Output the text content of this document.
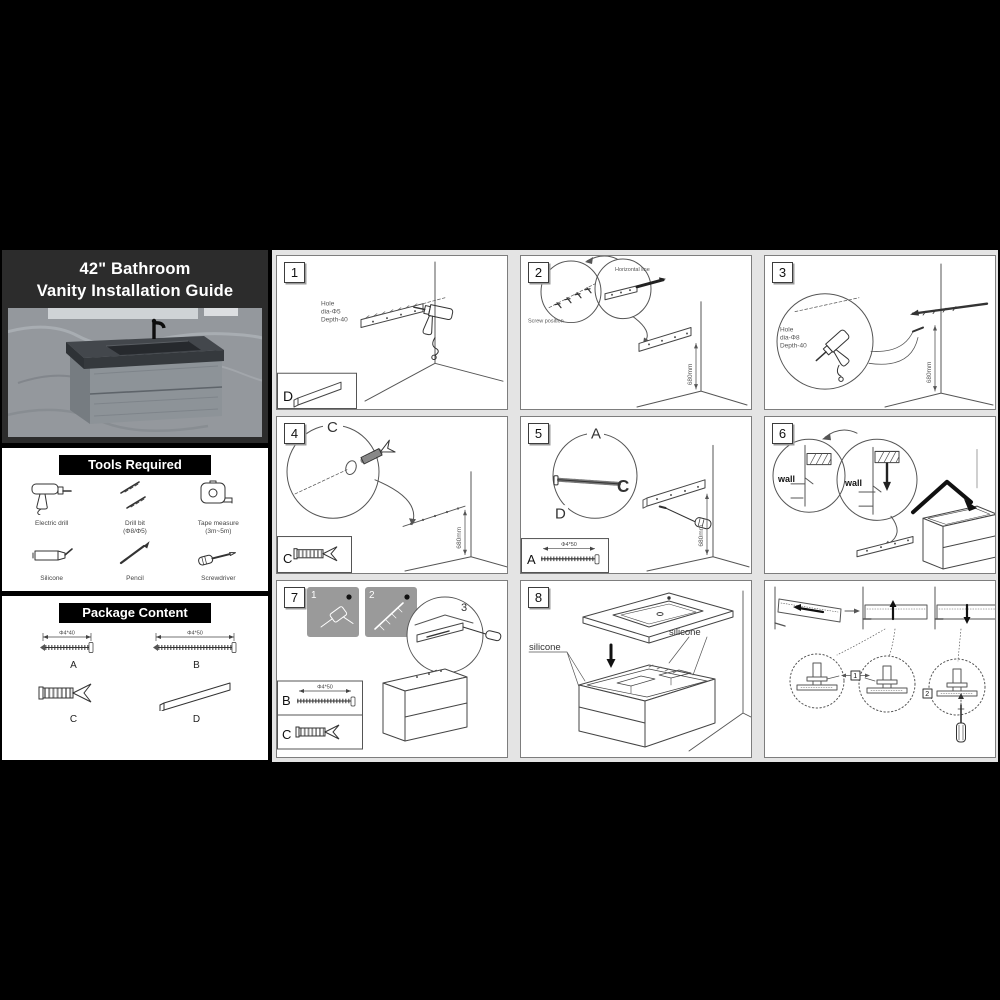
42" Bathroom
Vanity Installation Guide
Tools Required
Electric drill	Drill bit
(Φ8/Φ5)
Tape measure
(3m~5m)
Silicone	Pencil	Screwdriver
Package Content
Φ4*40
A
Φ4*50
B
C	D
1
Hole
dia-Φ5
Depth-40
D
2
Screw position
Horizontal line
680mm
3
Hole
dia-Φ8
Depth-40
680mm
4	C
680mm
C
5	A
C
D
680mm
A
Φ4*50
6
wall	wall
7	1	2
3
B
Φ4*50
C
8
silicone
silicone
1
2
